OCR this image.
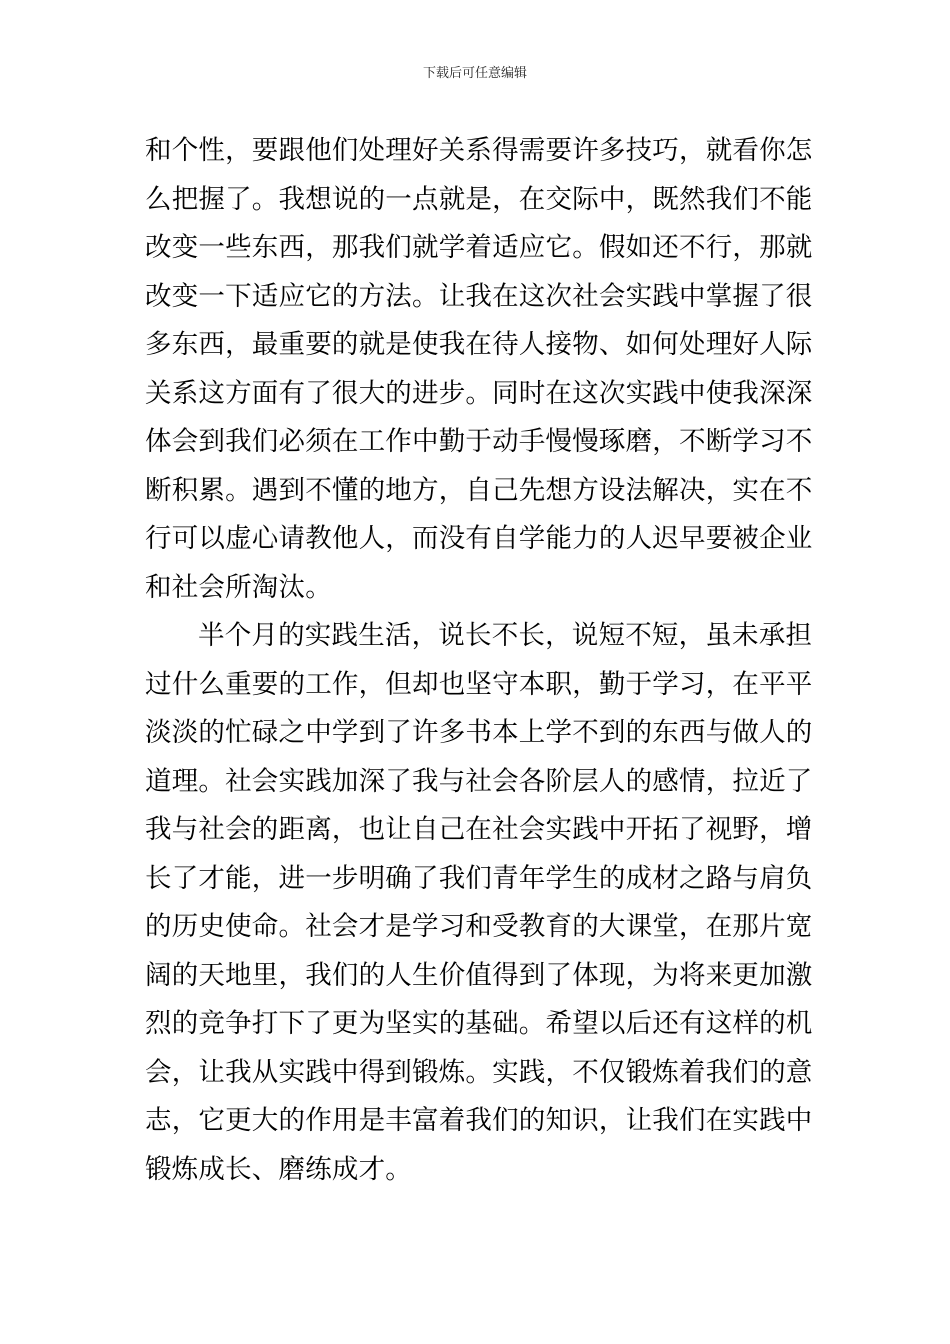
下载后可任意编辑
和个性，要跟他们处理好关系得需要许多技巧，就看你怎
么把握了。我想说的一点就是，在交际中，既然我们不能
改变一些东西，那我们就学着适应它。假如还不行，那就
改变一下适应它的方法。让我在这次社会实践中掌握了很
多东西，最重要的就是使我在待人接物、如何处理好人际
关系这方面有了很大的进步。同时在这次实践中使我深深
体会到我们必须在工作中勤于动手慢慢琢磨，不断学习不
断积累。遇到不懂的地方，自己先想方设法解决，实在不
行可以虚心请教他人，而没有自学能力的人迟早要被企业
和社会所淘汰。
半个月的实践生活，说长不长，说短不短，虽未承担
过什么重要的工作，但却也坚守本职，勤于学习，在平平
淡淡的忙碌之中学到了许多书本上学不到的东西与做人的
道理。社会实践加深了我与社会各阶层人的感情，拉近了
我与社会的距离，也让自己在社会实践中开拓了视野，增
长了才能，进一步明确了我们青年学生的成材之路与肩负
的历史使命。社会才是学习和受教育的大课堂，在那片宽
阔的天地里，我们的人生价值得到了体现，为将来更加激
烈的竞争打下了更为坚实的基础。希望以后还有这样的机
会，让我从实践中得到锻炼。实践，不仅锻炼着我们的意
志，它更大的作用是丰富着我们的知识，让我们在实践中
锻炼成长、磨练成才。
